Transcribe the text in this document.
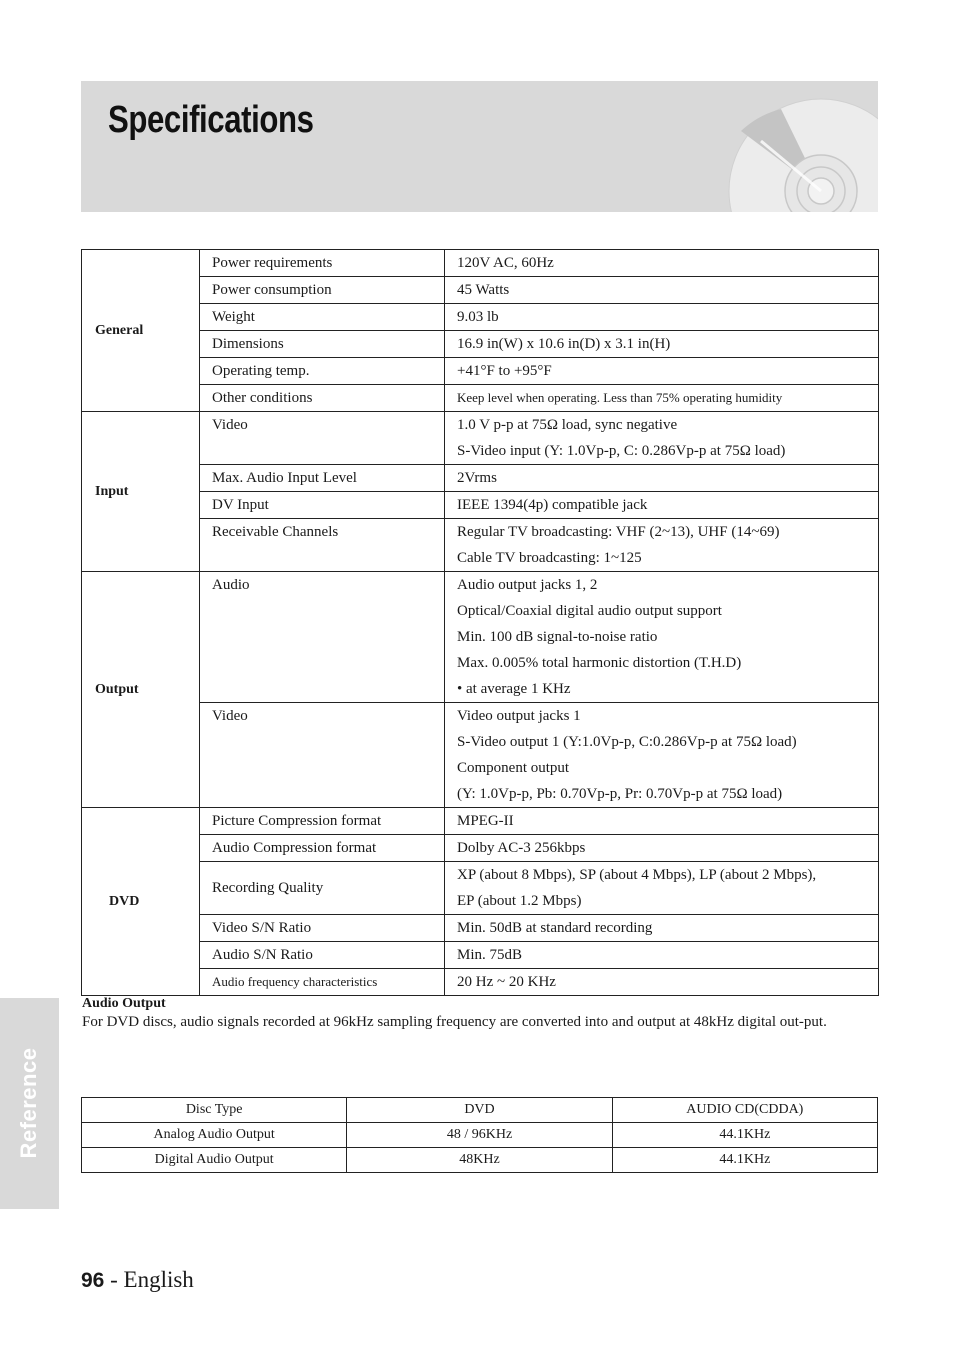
Specifications
General	Power requirements	120V AC, 60Hz

	Power consumption	45 Watts

	Weight	9.03 lb

	Dimensions	16.9 in(W) x 10.6 in(D) x 3.1 in(H)

	Operating temp.	+41°F to +95°F

	Other conditions	Keep level when operating. Less than 75% operating humidity

Input	Video	1.0 V p-p at 75Ω load, sync negative
S-Video input (Y: 1.0Vp-p, C: 0.286Vp-p at 75Ω load)

	Max. Audio Input Level	2Vrms

	DV Input	IEEE 1394(4p) compatible jack

	Receivable Channels	Regular TV broadcasting: VHF (2~13), UHF (14~69)
Cable TV broadcasting: 1~125

Output	Audio	Audio output jacks 1, 2
Optical/Coaxial digital audio output support
Min. 100 dB signal-to-noise ratio
Max. 0.005% total harmonic distortion (T.H.D)
• at average 1 KHz

	Video	Video output jacks 1
S-Video output 1 (Y:1.0Vp-p, C:0.286Vp-p at 75Ω load)
Component output
(Y: 1.0Vp-p, Pb: 0.70Vp-p, Pr: 0.70Vp-p at 75Ω load)

DVD	Picture Compression format	MPEG-II

	Audio Compression format	Dolby AC-3 256kbps

	Recording Quality	XP (about 8 Mbps), SP (about 4 Mbps), LP (about 2 Mbps),
EP (about 1.2 Mbps)

	Video S/N Ratio	Min. 50dB at standard recording

	Audio S/N Ratio	Min. 75dB

	Audio frequency characteristics	20 Hz ~ 20 KHz
Audio Output
For DVD discs, audio signals recorded at 96kHz sampling frequency are converted into and output at 48kHz digital out-put.
Disc Type	DVD	AUDIO CD(CDDA)
Analog Audio Output	48 / 96KHz	44.1KHz
Digital Audio Output	48KHz	44.1KHz
Reference
96 - English
